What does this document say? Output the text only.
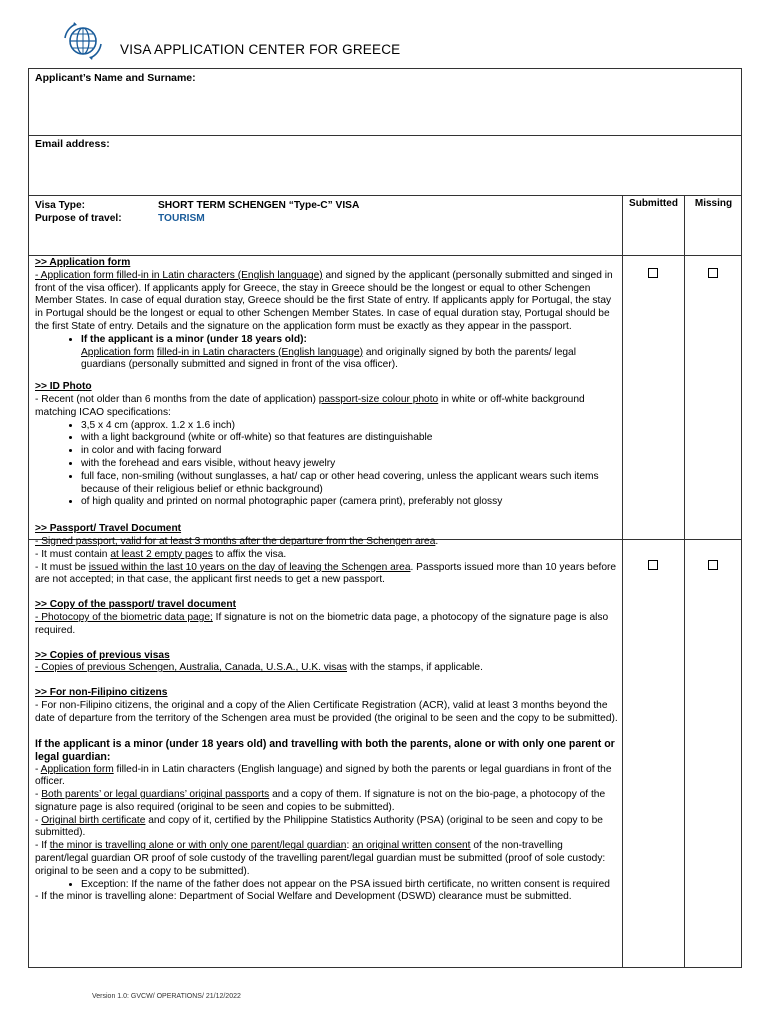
VISA APPLICATION CENTER FOR GREECE
Applicant’s Name and Surname:
Email address:
Visa Type:	SHORT TERM SCHENGEN “Type-C” VISA
Purpose of travel:	TOURISM
Submitted	Missing

>> Application form

- Application form filled-in in Latin characters (English language) and signed by the applicant (personally submitted and singed in front of the visa officer). If applicants apply for Greece, the stay in Greece should be the longest or equal to other Schengen Member States. In case of equal duration stay, Greece should be the first State of entry. If applicants apply for Portugal, the stay in Portugal should be the longest or equal to other Schengen Member States. In case of equal duration stay, Portugal should be the first State of entry. Details and the signature on the application form must be exactly as they appear in the passport.

• If the applicant is a minor (under 18 years old):

Application form filled-in in Latin characters (English language) and originally signed by both the parents/ legal guardians (personally submitted and signed in front of the visa officer).

>> ID Photo

- Recent (not older than 6 months from the date of application) passport-size colour photo in white or off-white background matching ICAO specifications:

• 3,5 x 4 cm (approx. 1.2 x 1.6 inch)
• with a light background (white or off-white) so that features are distinguishable
• in color and with facing forward
• with the forehead and ears visible, without heavy jewelry
• full face, non-smiling (without sunglasses, a hat/ cap or other head covering, unless the applicant wears such items because of their religious belief or ethnic background)
• of high quality and printed on normal photographic paper (camera print), preferably not glossy

>> Passport/ Travel Document

- Signed passport, valid for at least 3 months after the departure from the Schengen area.

- It must contain at least 2 empty pages to affix the visa.

- It must be issued within the last 10 years on the day of leaving the Schengen area. Passports issued more than 10 years before are not accepted; in that case, the applicant first needs to get a new passport.

>> Copy of the passport/ travel document

- Photocopy of the biometric data page; If signature is not on the biometric data page, a photocopy of the signature page is also required.

>> Copies of previous visas

- Copies of previous Schengen, Australia, Canada, U.S.A., U.K. visas with the stamps, if applicable.

>> For non-Filipino citizens

- For non-Filipino citizens, the original and a copy of the Alien Certificate Registration (ACR), valid at least 3 months beyond the date of departure from the territory of the Schengen area must be provided (the original to be seen and the copy to be submitted).

If the applicant is a minor (under 18 years old) and travelling with both the parents, alone or with only one parent or legal guardian:

- Application form filled-in in Latin characters (English language) and signed by both the parents or legal guardians in front of the officer.

- Both parents’ or legal guardians’ original passports and a copy of them. If signature is not on the bio-page, a photocopy of the signature page is also required (original to be seen and copies to be submitted).

- Original birth certificate and copy of it, certified by the Philippine Statistics Authority (PSA) (original to be seen and copy to be submitted).

- If the minor is travelling alone or with only one parent/legal guardian: an original written consent of the non-travelling parent/legal guardian OR proof of sole custody of the travelling parent/legal guardian must be submitted (proof of sole custody: original to be seen and a copy to be submitted).

• Exception: If the name of the father does not appear on the PSA issued birth certificate, no written consent is required

- If the minor is travelling alone: Department of Social Welfare and Development (DSWD) clearance must be submitted.

Version 1.0: GVCW/ OPERATIONS/ 21/12/2022
